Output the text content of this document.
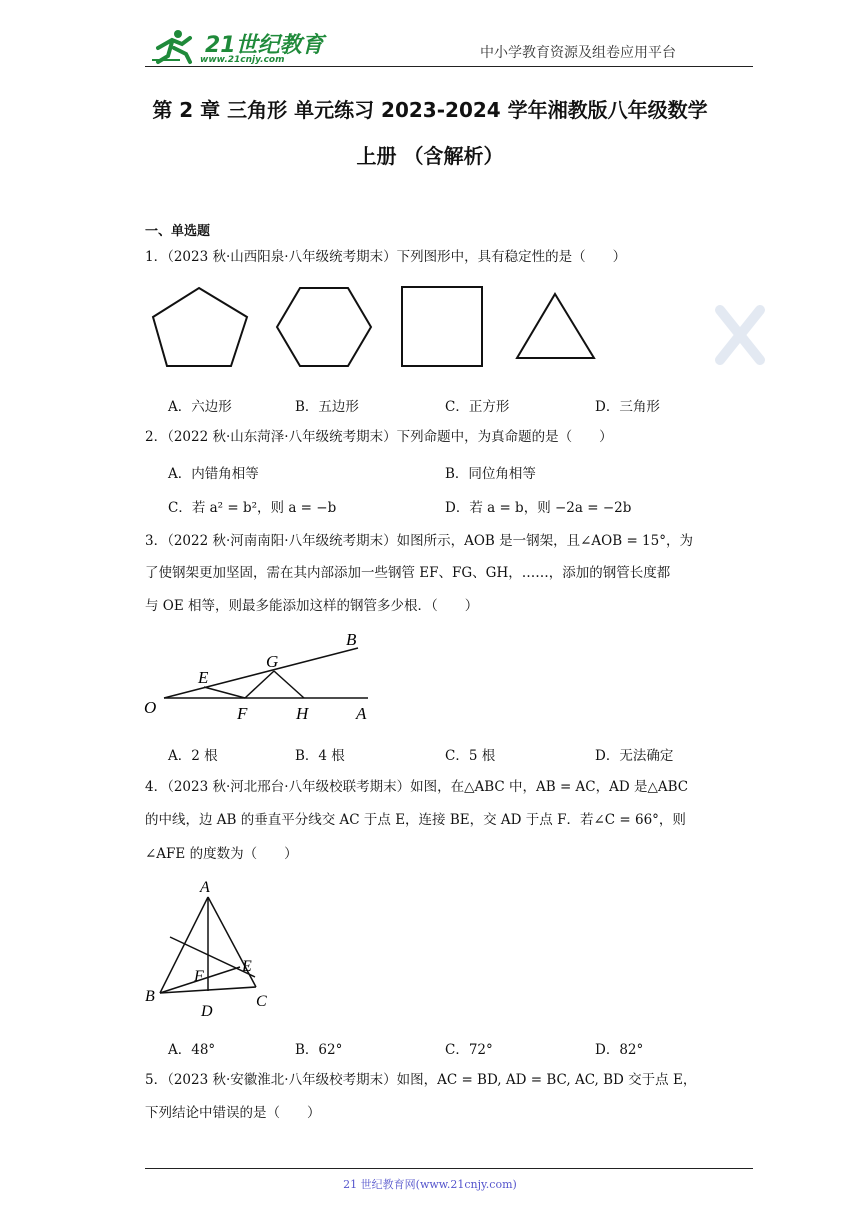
21世纪教育
www.21cnjy.com	中小学教育资源及组卷应用平台
第 2 章 三角形 单元练习 2023-2024 学年湘教版八年级数学
上册 （含解析）
一、单选题
1．（2023 秋·山西阳泉·八年级统考期末）下列图形中，具有稳定性的是（　　）
A．六边形	B．五边形	C．正方形	D．三角形
2．（2022 秋·山东菏泽·八年级统考期末）下列命题中，为真命题的是（　　）
A．内错角相等	B．同位角相等
C．若 a² = b²，则 a = −b	D．若 a = b，则 −2a = −2b
3．（2022 秋·河南南阳·八年级统考期末）如图所示，AOB 是一钢架，且∠AOB = 15°，为
了使钢架更加坚固，需在其内部添加一些钢管 EF、FG、GH，……，添加的钢管长度都
与 OE 相等，则最多能添加这样的钢管多少根．（　　）
O
E
F
G
H	A
B
A．2 根	B．4 根	C．5 根	D．无法确定
4．（2023 秋·河北邢台·八年级校联考期末）如图，在△ABC 中，AB = AC，AD 是△ABC
的中线，边 AB 的垂直平分线交 AC 于点 E，连接 BE，交 AD 于点 F．若∠C = 66°，则
∠AFE 的度数为（　　）
A
B	C
D
E
F
A．48°	B．62°	C．72°	D．82°
5．（2023 秋·安徽淮北·八年级校考期末）如图，AC = BD, AD = BC, AC, BD 交于点 E，
下列结论中错误的是（　　）
21 世纪教育网(www.21cnjy.com)
